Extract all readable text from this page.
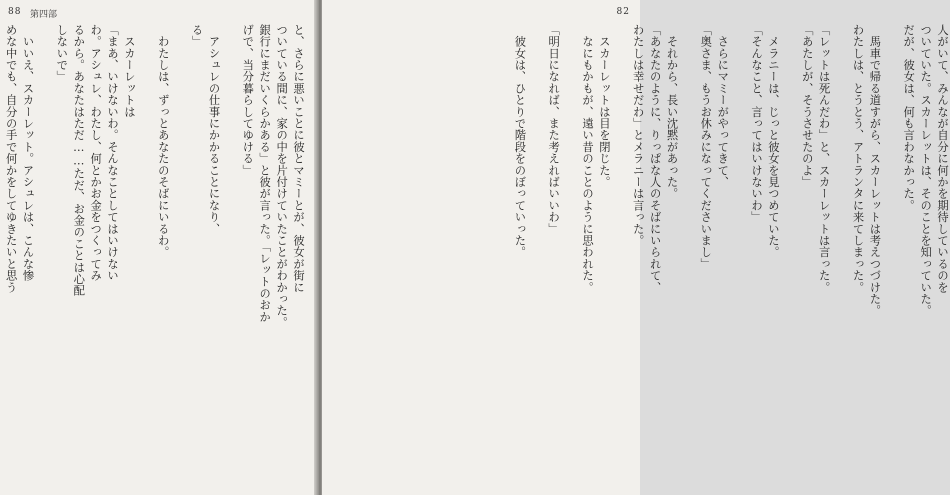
88 第四部
と、さらに悪いことに彼とマミーとが、彼女が街に
ついている間に、家の中を片付けていたことがわかった。
銀行にまだいくらかある」と彼が言った。「レットのおか
げで、当分暮らしてゆける」

　アシュレの仕事にかかることになり、
る」

　わたしは、ずっとあなたのそばにいるわ。

　スカーレットは
「まあ、いけないわ。そんなことしてはいけない
わ。アシュレ、わたし、何とかお金をつくってみ
るから。あなたはただ……ただ、お金のことは心配
しないで」

　いいえ、スカーレット。アシュレは、こんな惨
めな中でも、自分の手で何かをしてゆきたいと思う

82
人がいて、みんなが自分に何かを期待しているのを
ついていた。スカーレットは、そのことを知っていた。
だが、彼女は、何も言わなかった。

　馬車で帰る道すがら、スカーレットは考えつづけた。
わたしは、とうとう、アトランタに来てしまった。

「レットは死んだわ」と、スカーレットは言った。
「あたしが、そうさせたのよ」

　メラニーは、じっと彼女を見つめていた。
「そんなこと、言ってはいけないわ」

　さらにマミーがやってきて、
「奥さま、もうお休みになってくださいまし」

　それから、長い沈黙があった。
「あなたのように、りっぱな人のそばにいられて、
わたしは幸せだわ」とメラニーは言った。

　スカーレットは目を閉じた。
　なにもかもが、遠い昔のことのように思われた。

「明日になれば、また考えればいいわ」

　彼女は、ひとりで階段をのぼっていった。
